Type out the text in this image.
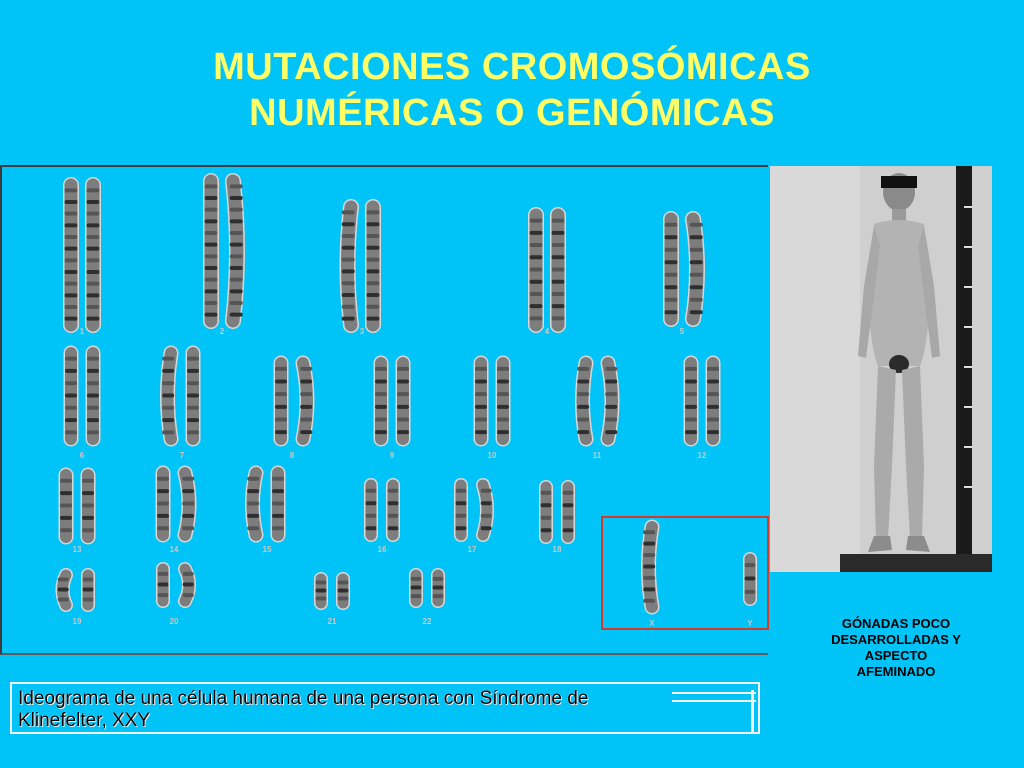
MUTACIONES CROMOSÓMICAS
NUMÉRICAS O GENÓMICAS
1	2	3	4	5
6	7	8	9	10	11	12
13	14	15	16	17	18
19	20	21	22	X	Y	GÓNADAS POCO
DESARROLLADAS Y
ASPECTO
AFEMINADO
Ideograma de una célula humana de una persona con Síndrome de
Klinefelter, XXY
